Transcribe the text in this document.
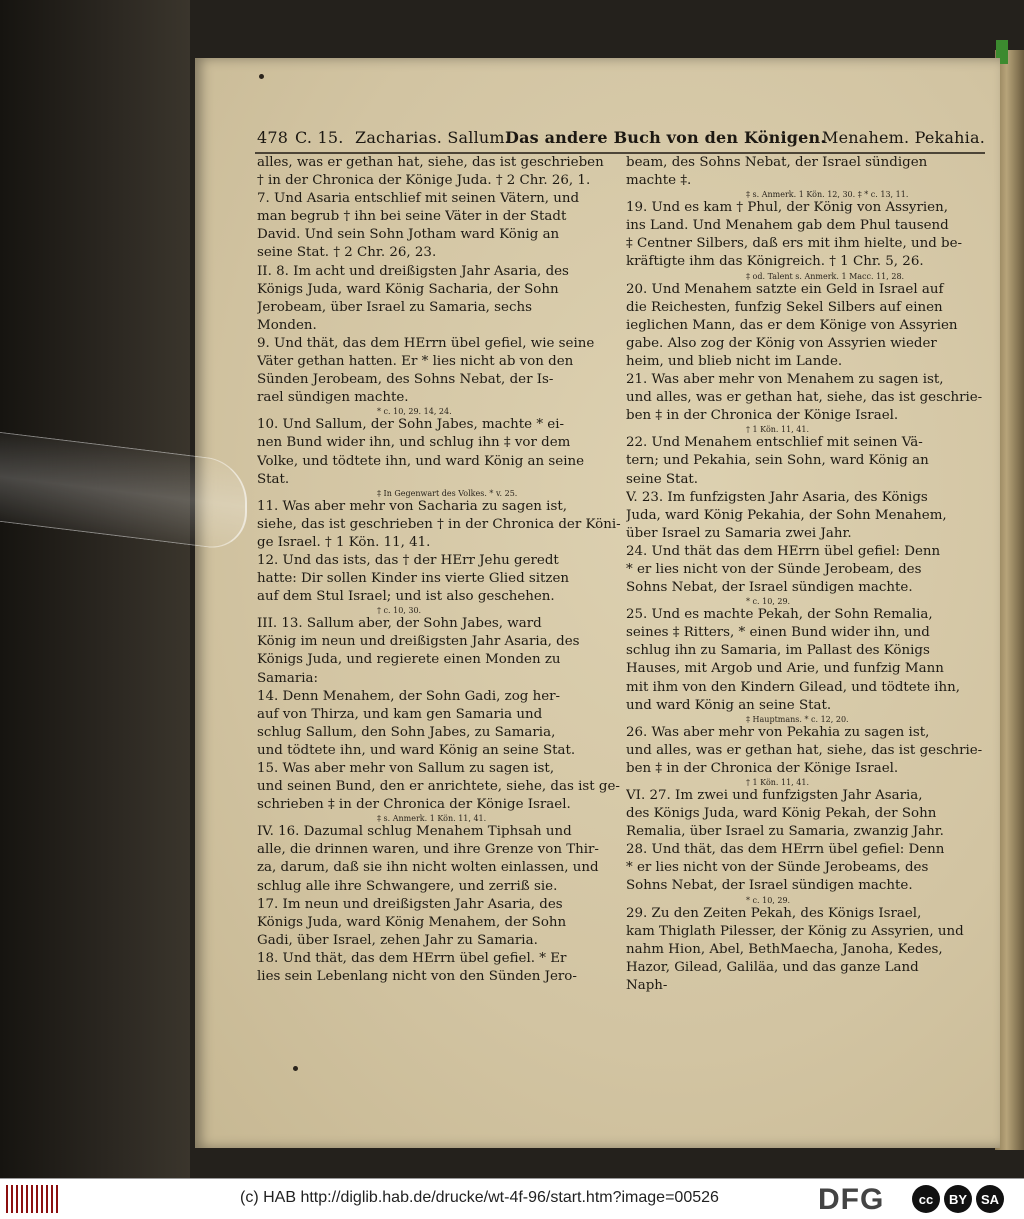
478 C. 15. Zacharias. Sallum.
Das andere Buch von den Königen.
Menahem. Pekahia.
alles, was er gethan hat, siehe, das ist geschrieben
† in der Chronica der Könige Juda. † 2 Chr. 26, 1.
7. Und Asaria entschlief mit seinen Vätern, und
man begrub † ihn bei seine Väter in der Stadt
David. Und sein Sohn Jotham ward König an
seine Stat. † 2 Chr. 26, 23.
II. 8. Im acht und dreißigsten Jahr Asaria, des
Königs Juda, ward König Sacharia, der Sohn
Jerobeam, über Israel zu Samaria, sechs
Monden.
9. Und thät, das dem HErrn übel gefiel, wie seine
Väter gethan hatten. Er * lies nicht ab von den
Sünden Jerobeam, des Sohns Nebat, der Is-
rael sündigen machte.
* c. 10, 29. 14, 24.
10. Und Sallum, der Sohn Jabes, machte * ei-
nen Bund wider ihn, und schlug ihn ‡ vor dem
Volke, und tödtete ihn, und ward König an seine
Stat.
‡ In Gegenwart des Volkes. * v. 25.
11. Was aber mehr von Sacharia zu sagen ist,
siehe, das ist geschrieben † in der Chronica der Köni-
ge Israel. † 1 Kön. 11, 41.
12. Und das ists, das † der HErr Jehu geredt
hatte: Dir sollen Kinder ins vierte Glied sitzen
auf dem Stul Israel; und ist also geschehen.
† c. 10, 30.
III. 13. Sallum aber, der Sohn Jabes, ward
König im neun und dreißigsten Jahr Asaria, des
Königs Juda, und regierete einen Monden zu
Samaria:
14. Denn Menahem, der Sohn Gadi, zog her-
auf von Thirza, und kam gen Samaria und
schlug Sallum, den Sohn Jabes, zu Samaria,
und tödtete ihn, und ward König an seine Stat.
15. Was aber mehr von Sallum zu sagen ist,
und seinen Bund, den er anrichtete, siehe, das ist ge-
schrieben ‡ in der Chronica der Könige Israel.
‡ s. Anmerk. 1 Kön. 11, 41.
IV. 16. Dazumal schlug Menahem Tiphsah und
alle, die drinnen waren, und ihre Grenze von Thir-
za, darum, daß sie ihn nicht wolten einlassen, und
schlug alle ihre Schwangere, und zerriß sie.
17. Im neun und dreißigsten Jahr Asaria, des
Königs Juda, ward König Menahem, der Sohn
Gadi, über Israel, zehen Jahr zu Samaria.
18. Und thät, das dem HErrn übel gefiel. * Er
lies sein Lebenlang nicht von den Sünden Jero-
beam, des Sohns Nebat, der Israel sündigen
machte ‡.
‡ s. Anmerk. 1 Kön. 12, 30. ‡ * c. 13, 11.
19. Und es kam † Phul, der König von Assyrien,
ins Land. Und Menahem gab dem Phul tausend
‡ Centner Silbers, daß ers mit ihm hielte, und be-
kräftigte ihm das Königreich. † 1 Chr. 5, 26.
‡ od. Talent s. Anmerk. 1 Macc. 11, 28.
20. Und Menahem satzte ein Geld in Israel auf
die Reichesten, funfzig Sekel Silbers auf einen
ieglichen Mann, das er dem Könige von Assyrien
gabe. Also zog der König von Assyrien wieder
heim, und blieb nicht im Lande.
21. Was aber mehr von Menahem zu sagen ist,
und alles, was er gethan hat, siehe, das ist geschrie-
ben ‡ in der Chronica der Könige Israel.
† 1 Kön. 11, 41.
22. Und Menahem entschlief mit seinen Vä-
tern; und Pekahia, sein Sohn, ward König an
seine Stat.
V. 23. Im funfzigsten Jahr Asaria, des Königs
Juda, ward König Pekahia, der Sohn Menahem,
über Israel zu Samaria zwei Jahr.
24. Und thät das dem HErrn übel gefiel: Denn
* er lies nicht von der Sünde Jerobeam, des
Sohns Nebat, der Israel sündigen machte.
* c. 10, 29.
25. Und es machte Pekah, der Sohn Remalia,
seines ‡ Ritters, * einen Bund wider ihn, und
schlug ihn zu Samaria, im Pallast des Königs
Hauses, mit Argob und Arie, und funfzig Mann
mit ihm von den Kindern Gilead, und tödtete ihn,
und ward König an seine Stat.
‡ Hauptmans. * c. 12, 20.
26. Was aber mehr von Pekahia zu sagen ist,
und alles, was er gethan hat, siehe, das ist geschrie-
ben ‡ in der Chronica der Könige Israel.
† 1 Kön. 11, 41.
VI. 27. Im zwei und funfzigsten Jahr Asaria,
des Königs Juda, ward König Pekah, der Sohn
Remalia, über Israel zu Samaria, zwanzig Jahr.
28. Und thät, das dem HErrn übel gefiel: Denn
* er lies nicht von der Sünde Jerobeams, des
Sohns Nebat, der Israel sündigen machte.
* c. 10, 29.
29. Zu den Zeiten Pekah, des Königs Israel,
kam Thiglath Pilesser, der König zu Assyrien, und
nahm Hion, Abel, BethMaecha, Janoha, Kedes,
Hazor, Gilead, Galiläa, und das ganze Land
Naph-
(c) HAB http://diglib.hab.de/drucke/wt-4f-96/start.htm?image=00526	DFG	cc	BY	SA
